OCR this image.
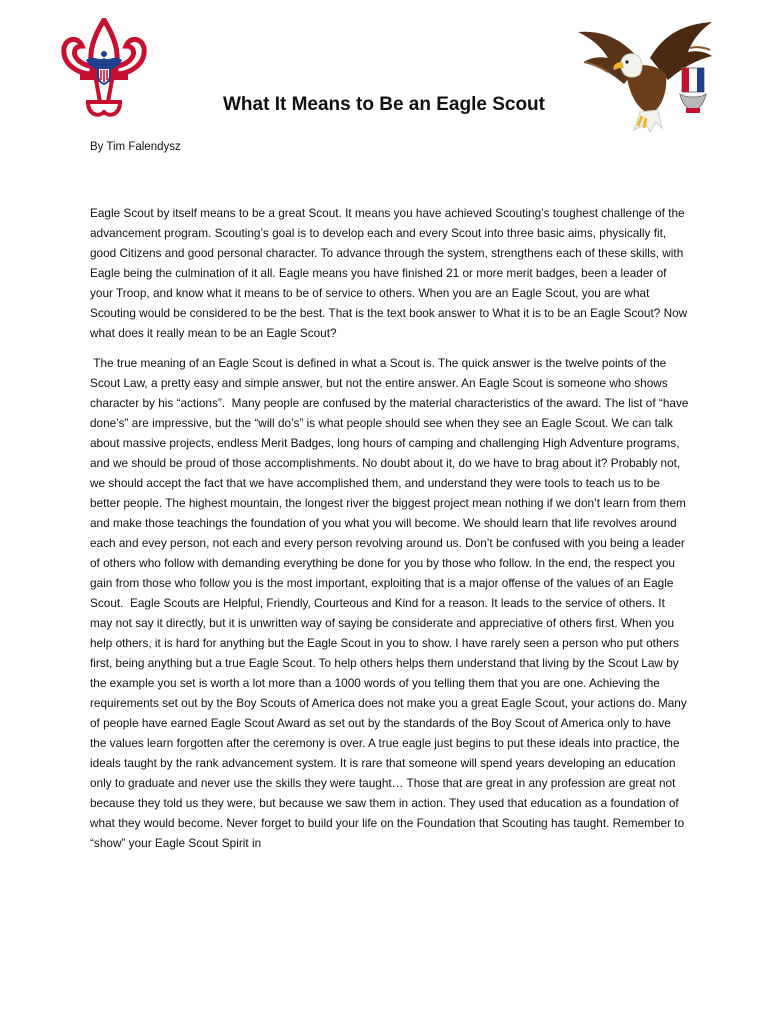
What It Means to Be an Eagle Scout
By Tim Falendysz

Eagle Scout by itself means to be a great Scout. It means you have achieved Scouting’s toughest challenge of the advancement program. Scouting’s goal is to develop each and every Scout into three basic aims, physically fit, good Citizens and good personal character. To advance through the system, strengthens each of these skills, with Eagle being the culmination of it all. Eagle means you have finished 21 or more merit badges, been a leader of your Troop, and know what it means to be of service to others. When you are an Eagle Scout, you are what Scouting would be considered to be the best. That is the text book answer to What it is to be an Eagle Scout? Now what does it really mean to be an Eagle Scout?

The true meaning of an Eagle Scout is defined in what a Scout is. The quick answer is the twelve points of the Scout Law, a pretty easy and simple answer, but not the entire answer. An Eagle Scout is someone who shows character by his “actions”.  Many people are confused by the material characteristics of the award. The list of “have done’s” are impressive, but the “will do’s” is what people should see when they see an Eagle Scout. We can talk about massive projects, endless Merit Badges, long hours of camping and challenging High Adventure programs, and we should be proud of those accomplishments. No doubt about it, do we have to brag about it? Probably not, we should accept the fact that we have accomplished them, and understand they were tools to teach us to be better people. The highest mountain, the longest river the biggest project mean nothing if we don’t learn from them and make those teachings the foundation of you what you will become. We should learn that life revolves around each and evey person, not each and every person revolving around us. Don’t be confused with you being a leader of others who follow with demanding everything be done for you by those who follow. In the end, the respect you gain from those who follow you is the most important, exploiting that is a major offense of the values of an Eagle Scout.  Eagle Scouts are Helpful, Friendly, Courteous and Kind for a reason. It leads to the service of others. It may not say it directly, but it is unwritten way of saying be considerate and appreciative of others first. When you help others, it is hard for anything but the Eagle Scout in you to show. I have rarely seen a person who put others first, being anything but a true Eagle Scout. To help others helps them understand that living by the Scout Law by the example you set is worth a lot more than a 1000 words of you telling them that you are one. Achieving the requirements set out by the Boy Scouts of America does not make you a great Eagle Scout, your actions do. Many of people have earned Eagle Scout Award as set out by the standards of the Boy Scout of America only to have the values learn forgotten after the ceremony is over. A true eagle just begins to put these ideals into practice, the ideals taught by the rank advancement system. It is rare that someone will spend years developing an education only to graduate and never use the skills they were taught… Those that are great in any profession are great not because they told us they were, but because we saw them in action. They used that education as a foundation of what they would become. Never forget to build your life on the Foundation that Scouting has taught. Remember to “show” your Eagle Scout Spirit in
